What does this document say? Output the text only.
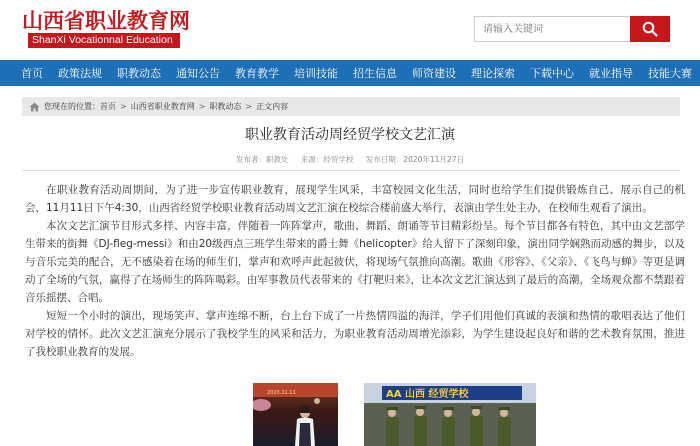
山西省职业教育网
ShanXi Vocationnal Education
请输入关键词
首页 政策法规 职教动态 通知公告 教育教学 培训技能 招生信息 师资建设 理论探索 下载中心 就业指导 技能大赛
您现在的位置： 首页 > 山西省职业教育网 > 职教动态 > 正文内容
职业教育活动周经贸学校文艺汇演
发布者：职教处 来源：经贸学校 发布日期：2020年11月27日

在职业教育活动周期间，为了进一步宣传职业教育，展现学生风采，丰富校园文化生活，同时也给学生们提供锻炼自己、展示自己的机会，11月11日下午4:30，山西省经贸学校职业教育活动周文艺汇演在校综合楼前盛大举行，表演由学生处主办，在校师生观看了演出。

本次文艺汇演节目形式多样、内容丰富，伴随着一阵阵掌声，歌曲、舞蹈、朗诵等节目精彩纷呈。每个节目都各有特色，其中由文艺部学生带来的街舞《DJ-fleg-messi》和由20级西点三班学生带来的爵士舞《helicopter》给人留下了深刻印象，演出同学娴熟而动感的舞步，以及与音乐完美的配合，无不感染着在场的师生们，掌声和欢呼声此起彼伏，将现场气氛推向高潮。歌曲《形容》、《父亲》、《飞鸟与蝉》等更是调动了全场的气氛，赢得了在场师生的阵阵喝彩。由军事教员代表带来的《打靶归来》，让本次文艺汇演达到了最后的高潮，全场观众都不禁跟着音乐摇摆、合唱。

短短一个小时的演出，现场笑声、掌声连绵不断，台上台下成了一片热情四溢的海洋，学子们用他们真诚的表演和热情的歌唱表达了他们对学校的情怀。此次文艺汇演充分展示了我校学生的风采和活力，为职业教育活动周增光添彩，为学生建设起良好和谐的艺术教育氛围，推进了我校职业教育的发展。

2020.11.11	AA 山西 经贸学校
